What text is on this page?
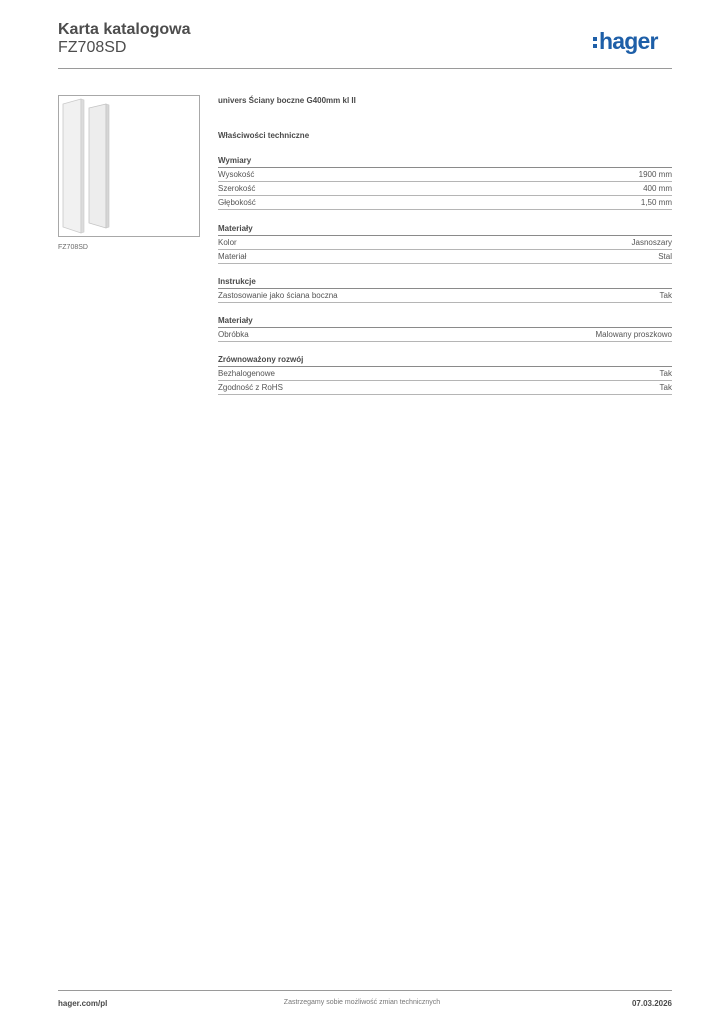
Karta katalogowa
FZ708SD	hager
FZ708SD
univers Ściany boczne G400mm kl II
Właściwości techniczne
Wymiary
Wysokość	1900 mm
Szerokość	400 mm
Głębokość	1,50 mm
Materiały
Kolor	Jasnoszary
Materiał	Stal
Instrukcje
Zastosowanie jako ściana boczna	Tak
Materiały
Obróbka	Malowany proszkowo
Zrównoważony rozwój
Bezhalogenowe	Tak
Zgodność z RoHS	Tak
Zastrzegamy sobie możliwość zmian technicznych
hager.com/pl	07.03.2026
